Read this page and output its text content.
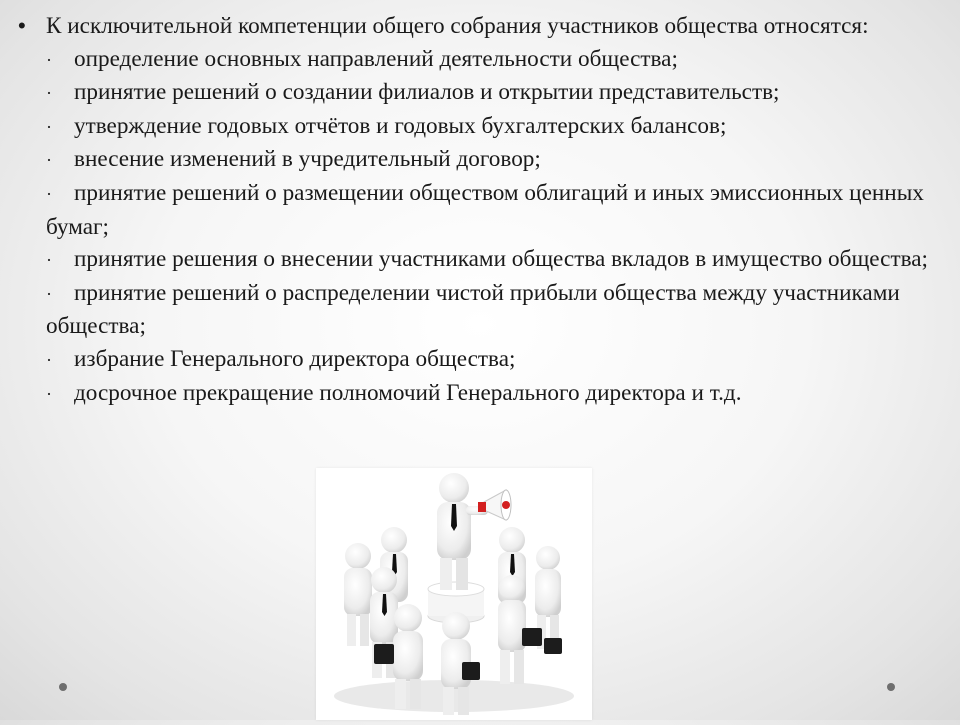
• К исключительной компетенции общего собрания участников общества относятся:
· определение основных направлений деятельности общества;
· принятие решений о создании филиалов и открытии представительств;
· утверждение годовых отчётов и годовых бухгалтерских балансов;
· внесение изменений в учредительный договор;
· принятие решений о размещении обществом облигаций и иных эмиссионных ценных бумаг;
· принятие решения о внесении участниками общества вкладов в имущество общества;
· принятие решений о распределении чистой прибыли общества между участниками общества;
· избрание Генерального директора общества;
· досрочное прекращение полномочий Генерального директора и т.д.
